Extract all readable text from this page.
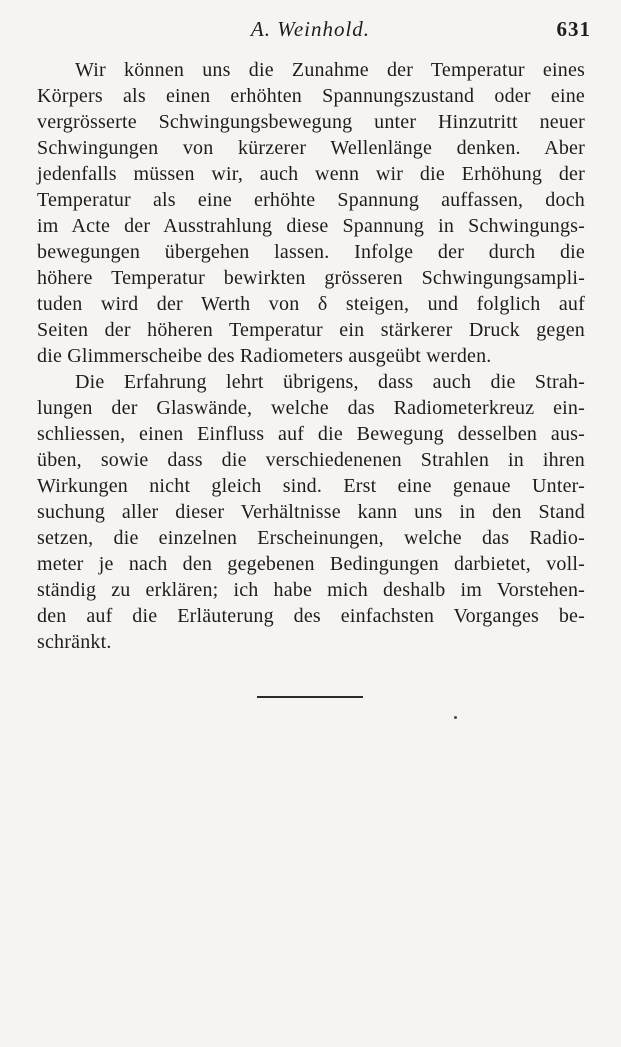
A. Weinhold.	631
Wir können uns die Zunahme der Temperatur eines
Körpers als einen erhöhten Spannungszustand oder eine
vergrösserte Schwingungsbewegung unter Hinzutritt neuer
Schwingungen von kürzerer Wellenlänge denken. Aber
jedenfalls müssen wir, auch wenn wir die Erhöhung der
Temperatur als eine erhöhte Spannung auffassen, doch
im Acte der Ausstrahlung diese Spannung in Schwingungs-
bewegungen übergehen lassen. Infolge der durch die
höhere Temperatur bewirkten grösseren Schwingungsampli-
tuden wird der Werth von δ steigen, und folglich auf
Seiten der höheren Temperatur ein stärkerer Druck gegen
die Glimmerscheibe des Radiometers ausgeübt werden.
Die Erfahrung lehrt übrigens, dass auch die Strah-
lungen der Glaswände, welche das Radiometerkreuz ein-
schliessen, einen Einfluss auf die Bewegung desselben aus-
üben, sowie dass die verschiedenenen Strahlen in ihren
Wirkungen nicht gleich sind. Erst eine genaue Unter-
suchung aller dieser Verhältnisse kann uns in den Stand
setzen, die einzelnen Erscheinungen, welche das Radio-
meter je nach den gegebenen Bedingungen darbietet, voll-
ständig zu erklären; ich habe mich deshalb im Vorstehen-
den auf die Erläuterung des einfachsten Vorganges be-
schränkt.
